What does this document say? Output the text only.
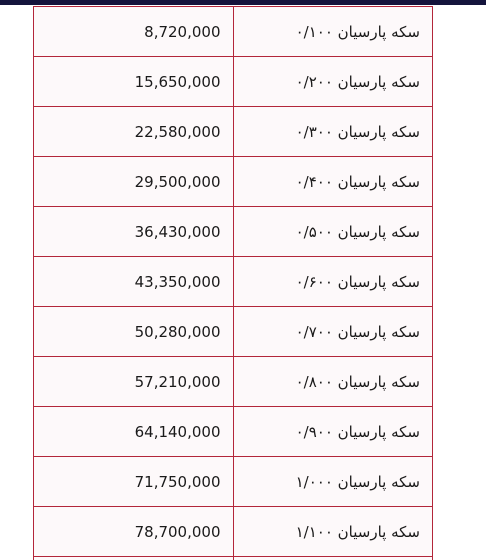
8,720,000	سکه پارسیان ۰/۱۰۰
15,650,000	سکه پارسیان ۰/۲۰۰
22,580,000	سکه پارسیان ۰/۳۰۰
29,500,000	سکه پارسیان ۰/۴۰۰
36,430,000	سکه پارسیان ۰/۵۰۰
43,350,000	سکه پارسیان ۰/۶۰۰
50,280,000	سکه پارسیان ۰/۷۰۰
57,210,000	سکه پارسیان ۰/۸۰۰
64,140,000	سکه پارسیان ۰/۹۰۰
71,750,000	سکه پارسیان ۱/۰۰۰
78,700,000	سکه پارسیان ۱/۱۰۰
